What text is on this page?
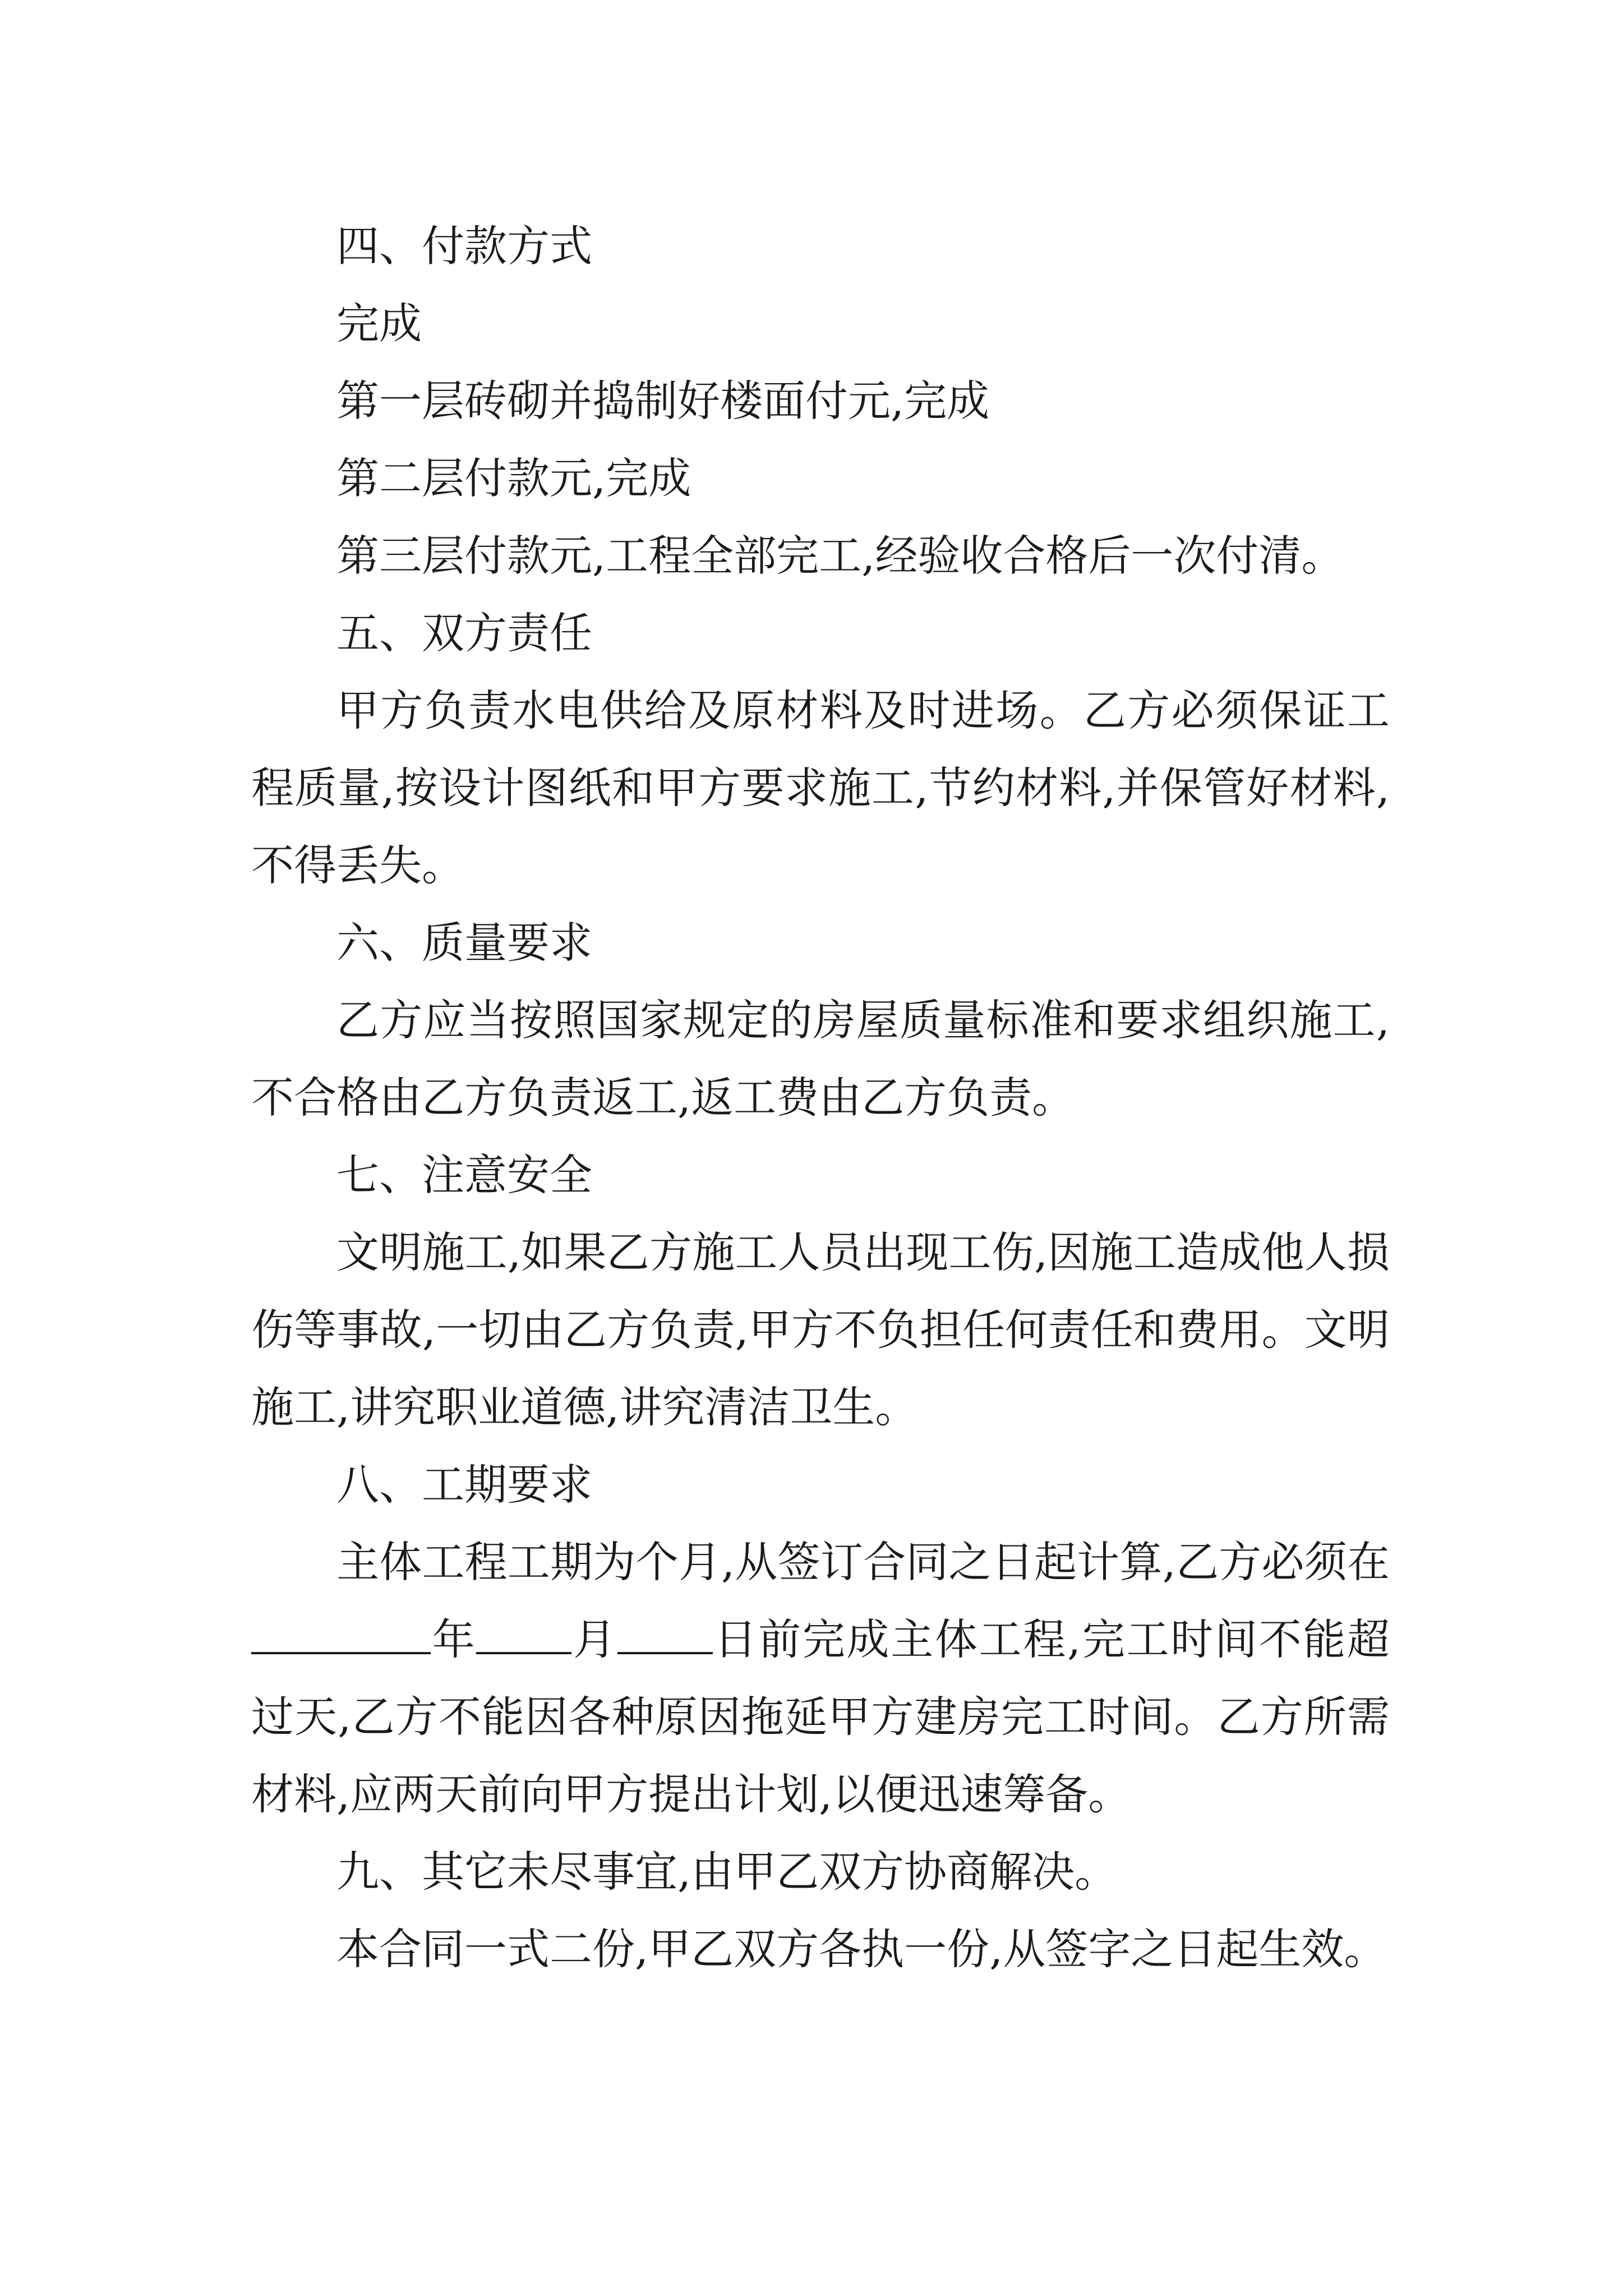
四、付款方式

完成

第一层砖砌并捣制好楼面付元,完成

第二层付款元,完成

第三层付款元,工程全部完工,经验收合格后一次付清。

五、双方责任

甲方负责水电供给及原材料及时进场。乙方必须保证工程质量,按设计图纸和甲方要求施工,节约材料,并保管好材料,不得丢失。

六、质量要求

乙方应当按照国家规定的房屋质量标准和要求组织施工,不合格由乙方负责返工,返工费由乙方负责。

七、注意安全

文明施工,如果乙方施工人员出现工伤,因施工造成他人损伤等事故,一切由乙方负责,甲方不负担任何责任和费用。文明施工,讲究职业道德,讲究清洁卫生。

八、工期要求

主体工程工期为个月,从签订合同之日起计算,乙方必须在年 月 日前完成主体工程,完工时间不能超过天,乙方不能因各种原因拖延甲方建房完工时间。乙方所需材料,应两天前向甲方提出计划,以便迅速筹备。

九、其它未尽事宜,由甲乙双方协商解决。

本合同一式二份,甲乙双方各执一份,从签字之日起生效。
